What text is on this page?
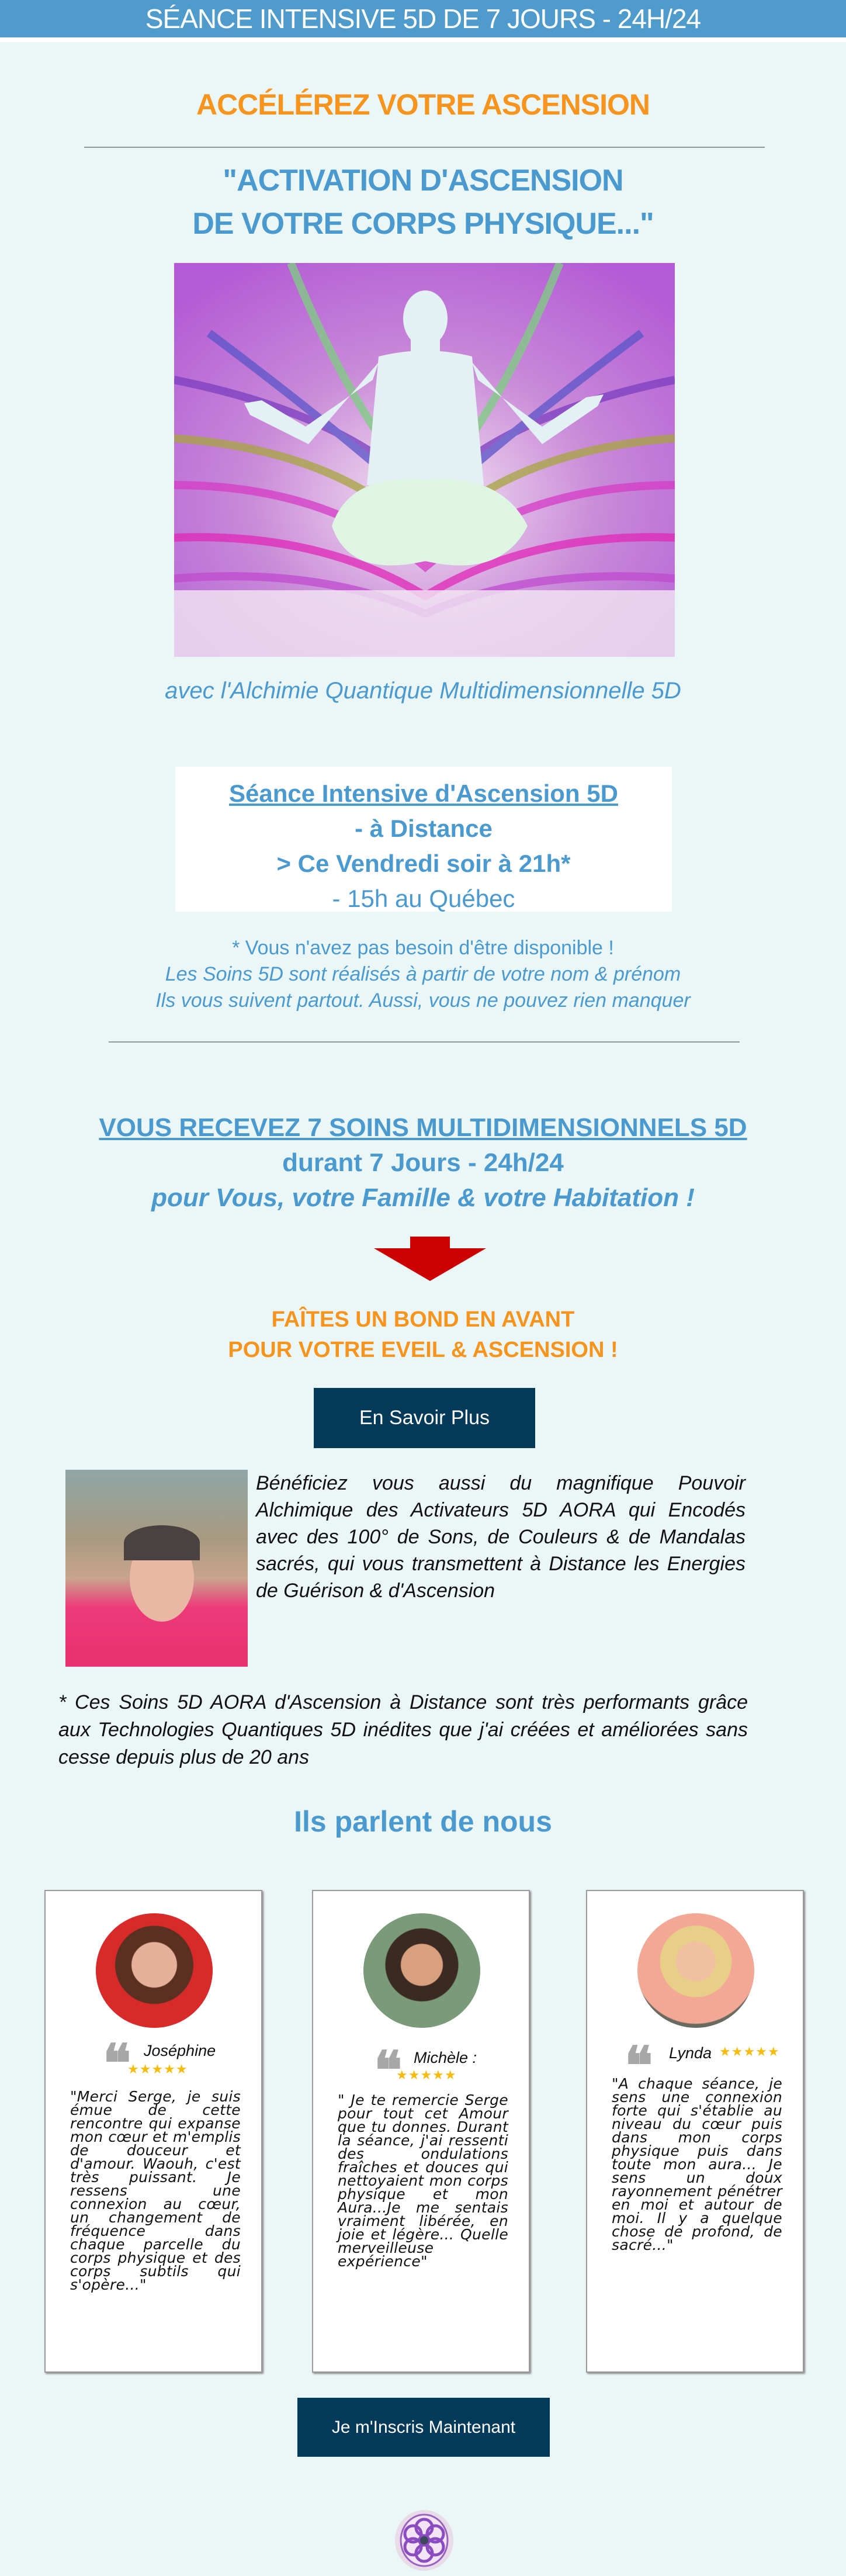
SÉANCE INTENSIVE 5D DE 7 JOURS - 24H/24
ACCÉLÉREZ VOTRE ASCENSION
"ACTIVATION D'ASCENSION
DE VOTRE CORPS PHYSIQUE..."
avec l'Alchimie Quantique Multidimensionnelle 5D
Séance Intensive d'Ascension 5D
- à Distance
> Ce Vendredi soir à 21h*
- 15h au Québec
* Vous n'avez pas besoin d'être disponible !
Les Soins 5D sont réalisés à partir de votre nom & prénom
Ils vous suivent partout. Aussi, vous ne pouvez rien manquer
VOUS RECEVEZ 7 SOINS MULTIDIMENSIONNELS 5D
durant 7 Jours - 24h/24
pour Vous, votre Famille & votre Habitation !
FAÎTES UN BOND EN AVANT
POUR VOTRE EVEIL & ASCENSION !
En Savoir Plus
Bénéficiez vous aussi du magnifique Pouvoir Alchimique des Activateurs 5D AORA qui Encodés avec des 100° de Sons, de Couleurs & de Mandalas sacrés, qui vous transmettent à Distance les Energies de Guérison & d'Ascension
* Ces Soins 5D AORA d'Ascension à Distance sont très performants grâce aux Technologies Quantiques 5D inédites que j'ai créées et améliorées sans cesse depuis plus de 20 ans
Ils parlent de nous
❝ Joséphine
★★★★★
"Merci Serge, je suis émue de cette rencontre qui expanse mon cœur et m'emplis de douceur et d'amour. Waouh, c'est très puissant. Je ressens une connexion au cœur, un changement de fréquence dans chaque parcelle du corps physique et des corps subtils qui s'opère..."
❝ Michèle :
★★★★★
" Je te remercie Serge pour tout cet Amour que tu donnes. Durant la séance, j'ai ressenti des ondulations fraîches et douces qui nettoyaient mon corps physique et mon Aura...Je me sentais vraiment libérée, en joie et légère... Quelle merveilleuse expérience"
❝ Lynda ★★★★★
"A chaque séance, je sens une connexion forte qui s'établie au niveau du cœur puis dans mon corps physique puis dans toute mon aura... Je sens un doux rayonnement pénétrer en moi et autour de moi. Il y a quelque chose de profond, de sacré..."
Je m'Inscris Maintenant
